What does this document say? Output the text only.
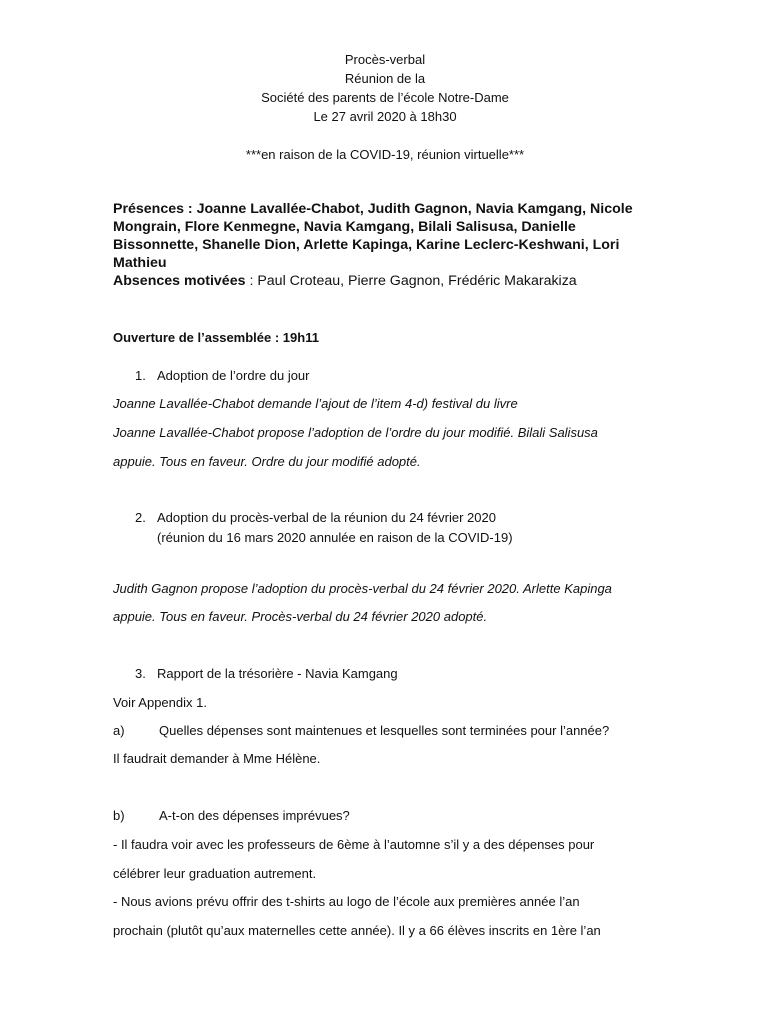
Procès-verbal
Réunion de la
Société des parents de l’école Notre-Dame
Le 27 avril 2020 à 18h30
***en raison de la COVID-19, réunion virtuelle***
Présences : Joanne Lavallée-Chabot, Judith Gagnon, Navia Kamgang, Nicole Mongrain, Flore Kenmegne, Navia Kamgang, Bilali Salisusa, Danielle Bissonnette, Shanelle Dion, Arlette Kapinga, Karine Leclerc-Keshwani, Lori Mathieu
Absences motivées : Paul Croteau, Pierre Gagnon, Frédéric Makarakiza
Ouverture de l’assemblée : 19h11
1. Adoption de l’ordre du jour
Joanne Lavallée-Chabot demande l’ajout de l’item 4-d) festival du livre
Joanne Lavallée-Chabot propose l’adoption de l’ordre du jour modifié. Bilali Salisusa
appuie. Tous en faveur. Ordre du jour modifié adopté.
2. Adoption du procès-verbal de la réunion du 24 février 2020
(réunion du 16 mars 2020 annulée en raison de la COVID-19)
Judith Gagnon propose l’adoption du procès-verbal du 24 février 2020. Arlette Kapinga
appuie. Tous en faveur. Procès-verbal du 24 février 2020 adopté.
3. Rapport de la trésorière - Navia Kamgang
Voir Appendix 1.
a)	Quelles dépenses sont maintenues et lesquelles sont terminées pour l’année?
Il faudrait demander à Mme Hélène.
b)	A-t-on des dépenses imprévues?
- Il faudra voir avec les professeurs de 6ème à l’automne s’il y a des dépenses pour
célébrer leur graduation autrement.
- Nous avions prévu offrir des t-shirts au logo de l’école aux premières année l’an
prochain (plutôt qu’aux maternelles cette année). Il y a 66 élèves inscrits en 1ère l’an
